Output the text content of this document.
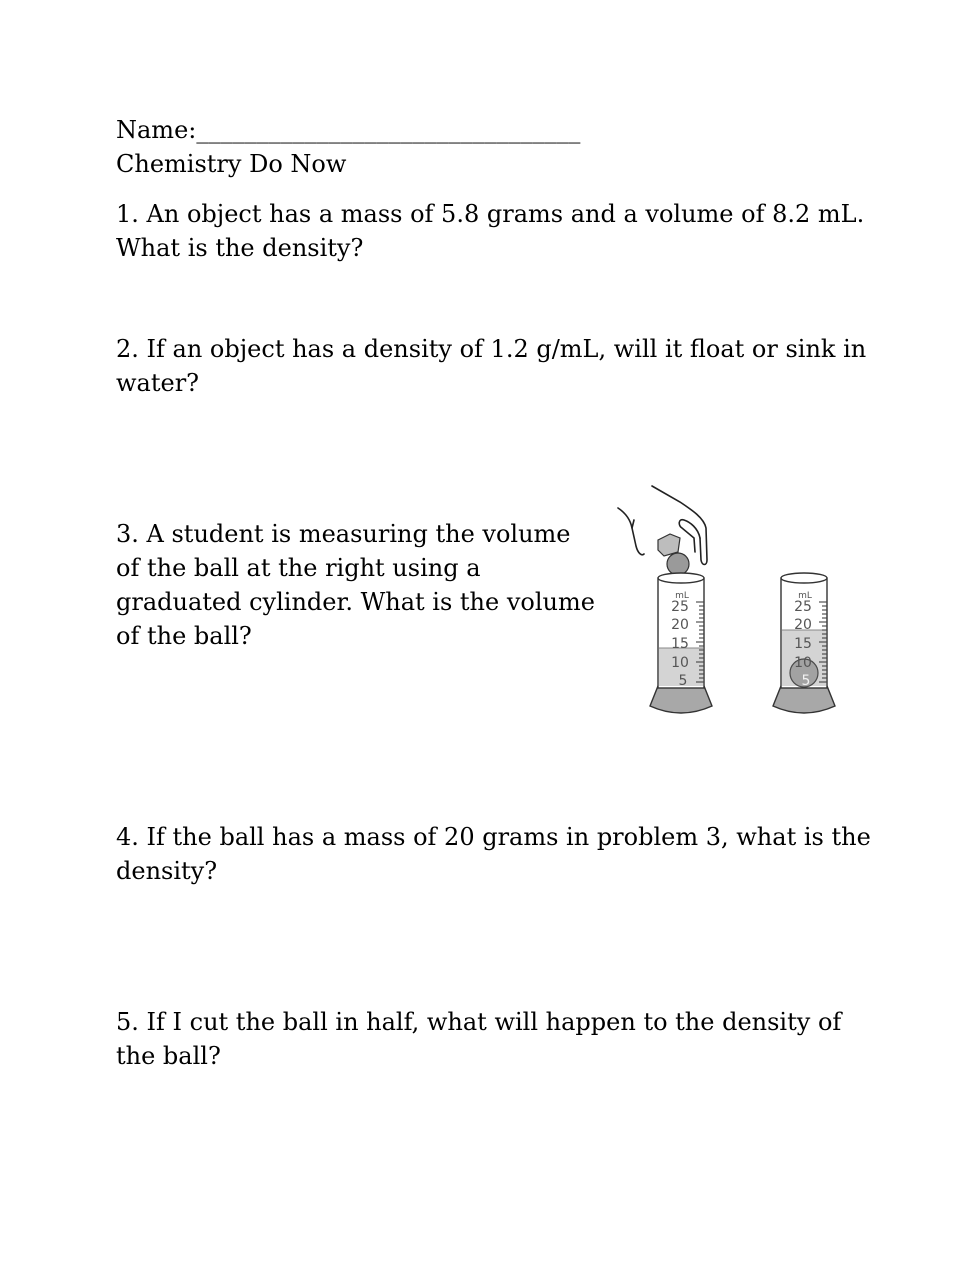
Name:________________________________
Chemistry Do Now
1. An object has a mass of 5.8 grams and a volume of 8.2 mL. What is the density?
2. If an object has a density of 1.2 g/mL, will it float or sink in water?
3. A student is measuring the volume of the ball at the right using a graduated cylinder. What is the volume of the ball?
mL
25
20
15
10
5
mL
25
20
15
10
5
4. If the ball has a mass of 20 grams in problem 3, what is the density?
5. If I cut the ball in half, what will happen to the density of the ball?
